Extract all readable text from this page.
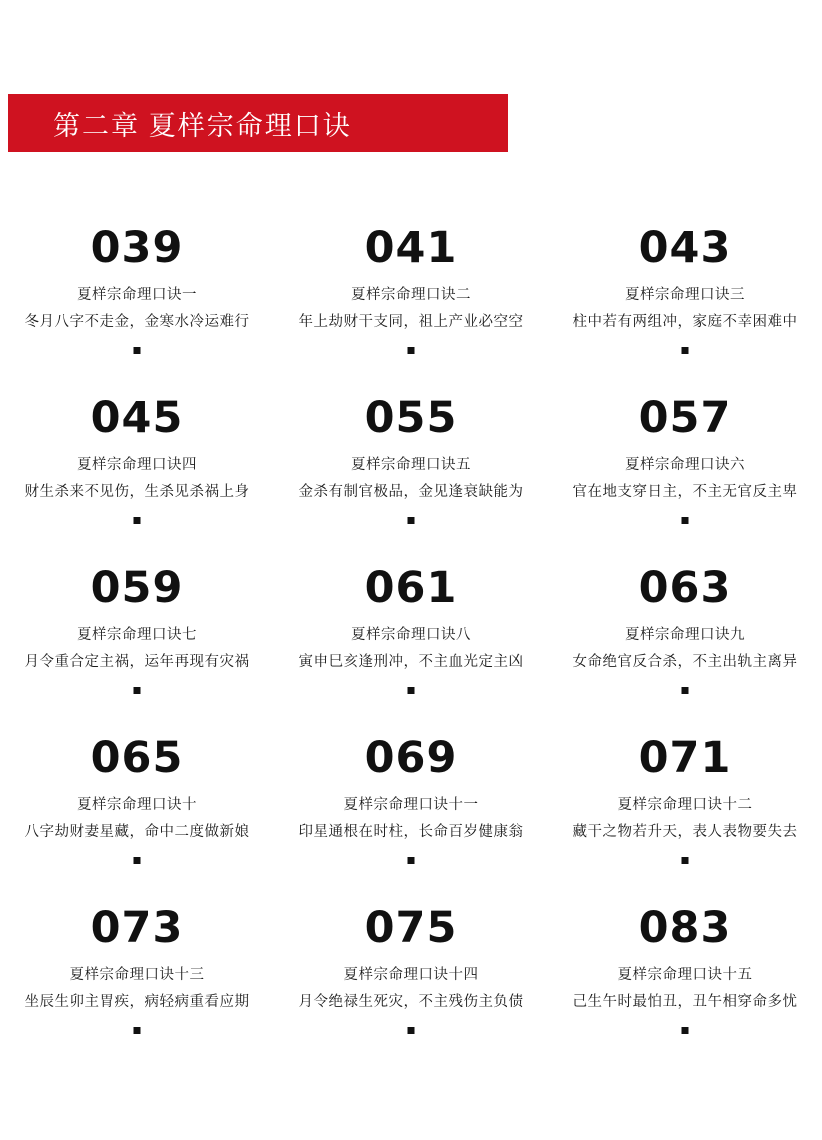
第二章 夏样宗命理口诀
039
夏样宗命理口诀一
冬月八字不走金，金寒水冷运难行
041
夏样宗命理口诀二
年上劫财干支同，祖上产业必空空
043
夏样宗命理口诀三
柱中若有两组冲，家庭不幸困难中
045
夏样宗命理口诀四
财生杀来不见伤，生杀见杀祸上身
055
夏样宗命理口诀五
金杀有制官极品，金见逢衰缺能为
057
夏样宗命理口诀六
官在地支穿日主，不主无官反主卑
059
夏样宗命理口诀七
月令重合定主祸，运年再现有灾祸
061
夏样宗命理口诀八
寅申巳亥逢刑冲，不主血光定主凶
063
夏样宗命理口诀九
女命绝官反合杀，不主出轨主离异
065
夏样宗命理口诀十
八字劫财妻星藏，命中二度做新娘
069
夏样宗命理口诀十一
印星通根在时柱，长命百岁健康翁
071
夏样宗命理口诀十二
藏干之物若升天，表人表物要失去
073
夏样宗命理口诀十三
坐辰生卯主胃疾，病轻病重看应期
075
夏样宗命理口诀十四
月令绝禄生死灾，不主残伤主负债
083
夏样宗命理口诀十五
己生午时最怕丑，丑午相穿命多忧
